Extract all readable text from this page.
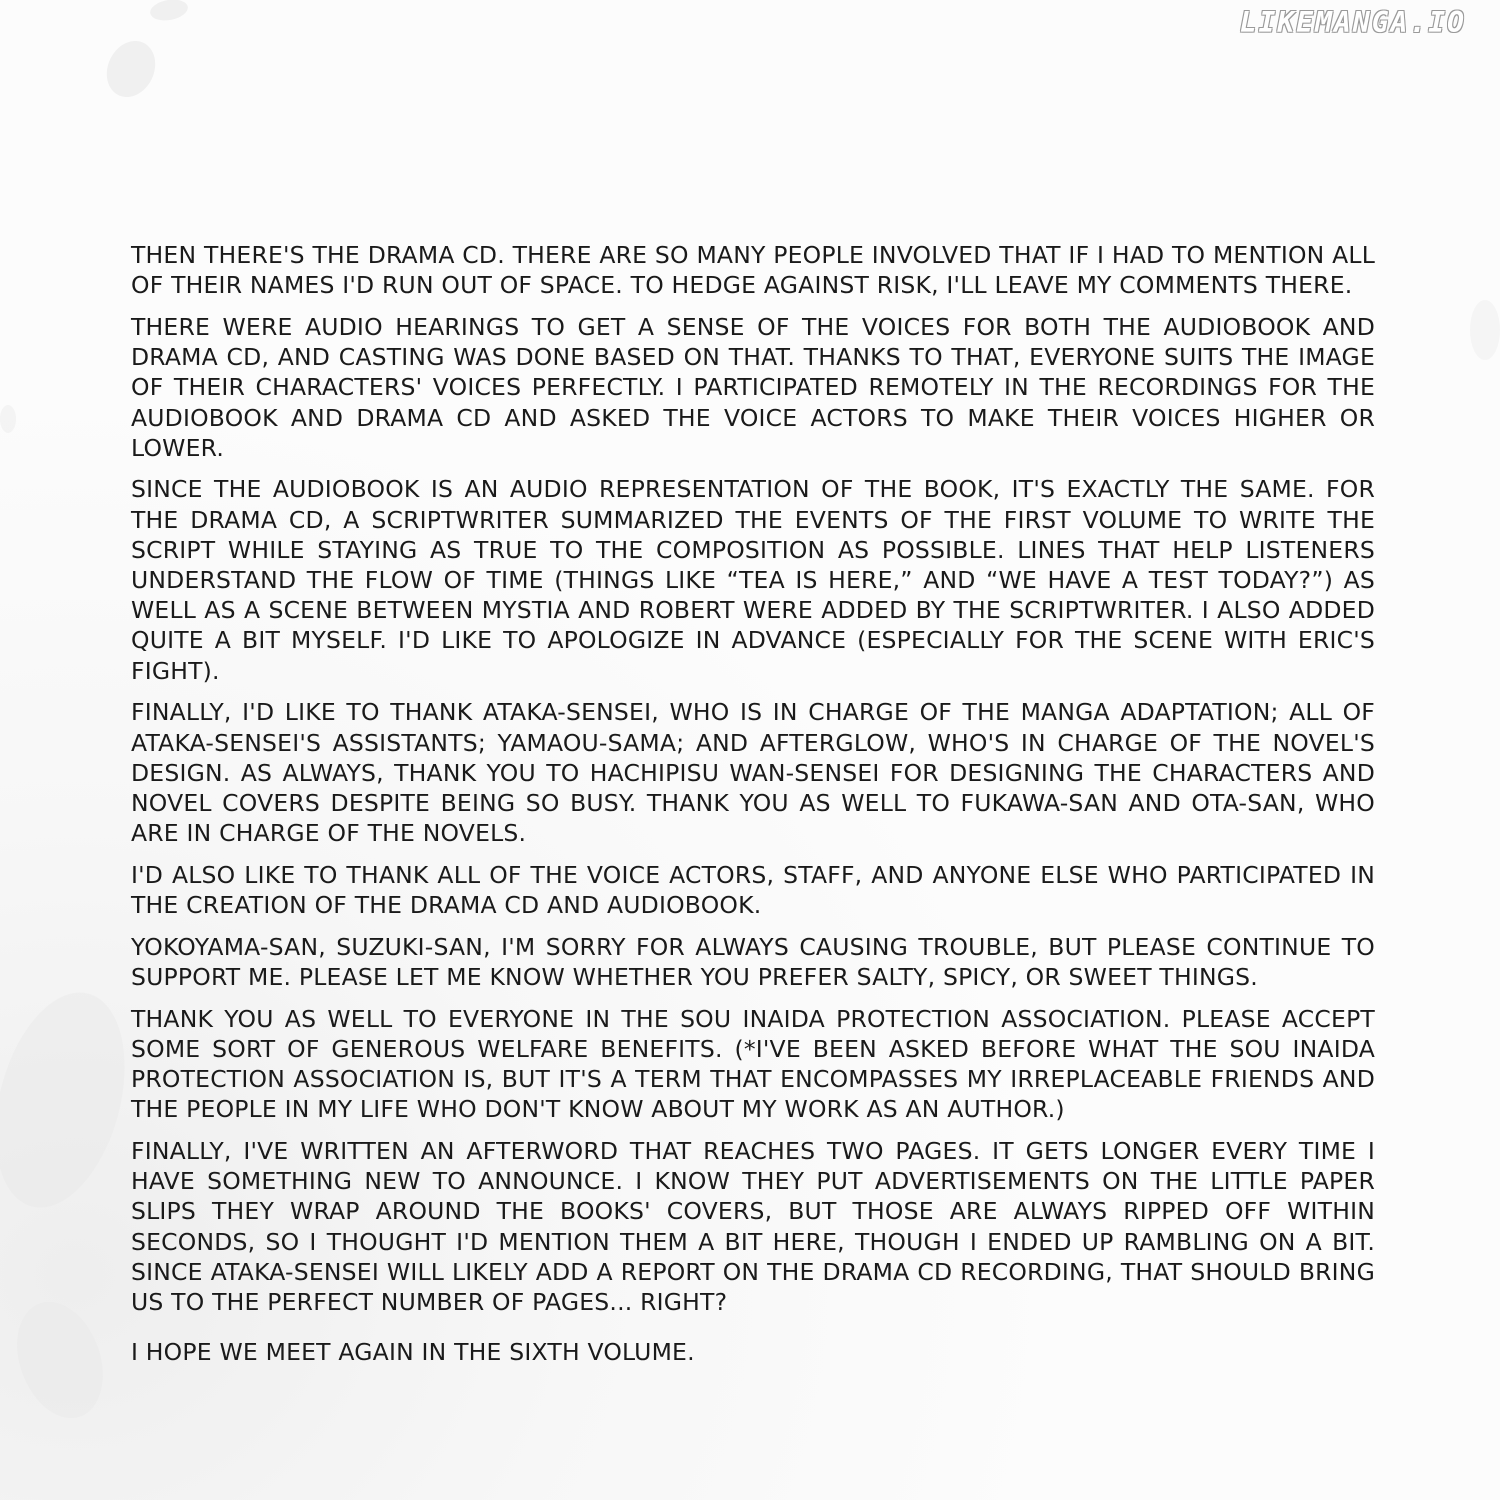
LIKEMANGA.IO

THEN THERE'S THE DRAMA CD. THERE ARE SO MANY PEOPLE INVOLVED THAT IF I HAD TO MENTION ALL OF THEIR NAMES I'D RUN OUT OF SPACE. TO HEDGE AGAINST RISK, I'LL LEAVE MY COMMENTS THERE.

THERE WERE AUDIO HEARINGS TO GET A SENSE OF THE VOICES FOR BOTH THE AUDIOBOOK AND DRAMA CD, AND CASTING WAS DONE BASED ON THAT. THANKS TO THAT, EVERYONE SUITS THE IMAGE OF THEIR CHARACTERS' VOICES PERFECTLY. I PARTICIPATED REMOTELY IN THE RECORDINGS FOR THE AUDIOBOOK AND DRAMA CD AND ASKED THE VOICE ACTORS TO MAKE THEIR VOICES HIGHER OR LOWER.

SINCE THE AUDIOBOOK IS AN AUDIO REPRESENTATION OF THE BOOK, IT'S EXACTLY THE SAME. FOR THE DRAMA CD, A SCRIPTWRITER SUMMARIZED THE EVENTS OF THE FIRST VOLUME TO WRITE THE SCRIPT WHILE STAYING AS TRUE TO THE COMPOSITION AS POSSIBLE. LINES THAT HELP LISTENERS UNDERSTAND THE FLOW OF TIME (THINGS LIKE “TEA IS HERE,” AND “WE HAVE A TEST TODAY?”) AS WELL AS A SCENE BETWEEN MYSTIA AND ROBERT WERE ADDED BY THE SCRIPTWRITER. I ALSO ADDED QUITE A BIT MYSELF. I'D LIKE TO APOLOGIZE IN ADVANCE (ESPECIALLY FOR THE SCENE WITH ERIC'S FIGHT).

FINALLY, I'D LIKE TO THANK ATAKA-SENSEI, WHO IS IN CHARGE OF THE MANGA ADAPTATION; ALL OF ATAKA-SENSEI'S ASSISTANTS; YAMAOU-SAMA; AND AFTERGLOW, WHO'S IN CHARGE OF THE NOVEL'S DESIGN. AS ALWAYS, THANK YOU TO HACHIPISU WAN-SENSEI FOR DESIGNING THE CHARACTERS AND NOVEL COVERS DESPITE BEING SO BUSY. THANK YOU AS WELL TO FUKAWA-SAN AND OTA-SAN, WHO ARE IN CHARGE OF THE NOVELS.

I'D ALSO LIKE TO THANK ALL OF THE VOICE ACTORS, STAFF, AND ANYONE ELSE WHO PARTICIPATED IN THE CREATION OF THE DRAMA CD AND AUDIOBOOK.

YOKOYAMA-SAN, SUZUKI-SAN, I'M SORRY FOR ALWAYS CAUSING TROUBLE, BUT PLEASE CONTINUE TO SUPPORT ME. PLEASE LET ME KNOW WHETHER YOU PREFER SALTY, SPICY, OR SWEET THINGS.

THANK YOU AS WELL TO EVERYONE IN THE SOU INAIDA PROTECTION ASSOCIATION. PLEASE ACCEPT SOME SORT OF GENEROUS WELFARE BENEFITS. (*I'VE BEEN ASKED BEFORE WHAT THE SOU INAIDA PROTECTION ASSOCIATION IS, BUT IT'S A TERM THAT ENCOMPASSES MY IRREPLACEABLE FRIENDS AND THE PEOPLE IN MY LIFE WHO DON'T KNOW ABOUT MY WORK AS AN AUTHOR.)

FINALLY, I'VE WRITTEN AN AFTERWORD THAT REACHES TWO PAGES. IT GETS LONGER EVERY TIME I HAVE SOMETHING NEW TO ANNOUNCE. I KNOW THEY PUT ADVERTISEMENTS ON THE LITTLE PAPER SLIPS THEY WRAP AROUND THE BOOKS' COVERS, BUT THOSE ARE ALWAYS RIPPED OFF WITHIN SECONDS, SO I THOUGHT I'D MENTION THEM A BIT HERE, THOUGH I ENDED UP RAMBLING ON A BIT. SINCE ATAKA-SENSEI WILL LIKELY ADD A REPORT ON THE DRAMA CD RECORDING, THAT SHOULD BRING US TO THE PERFECT NUMBER OF PAGES... RIGHT?

I HOPE WE MEET AGAIN IN THE SIXTH VOLUME.
